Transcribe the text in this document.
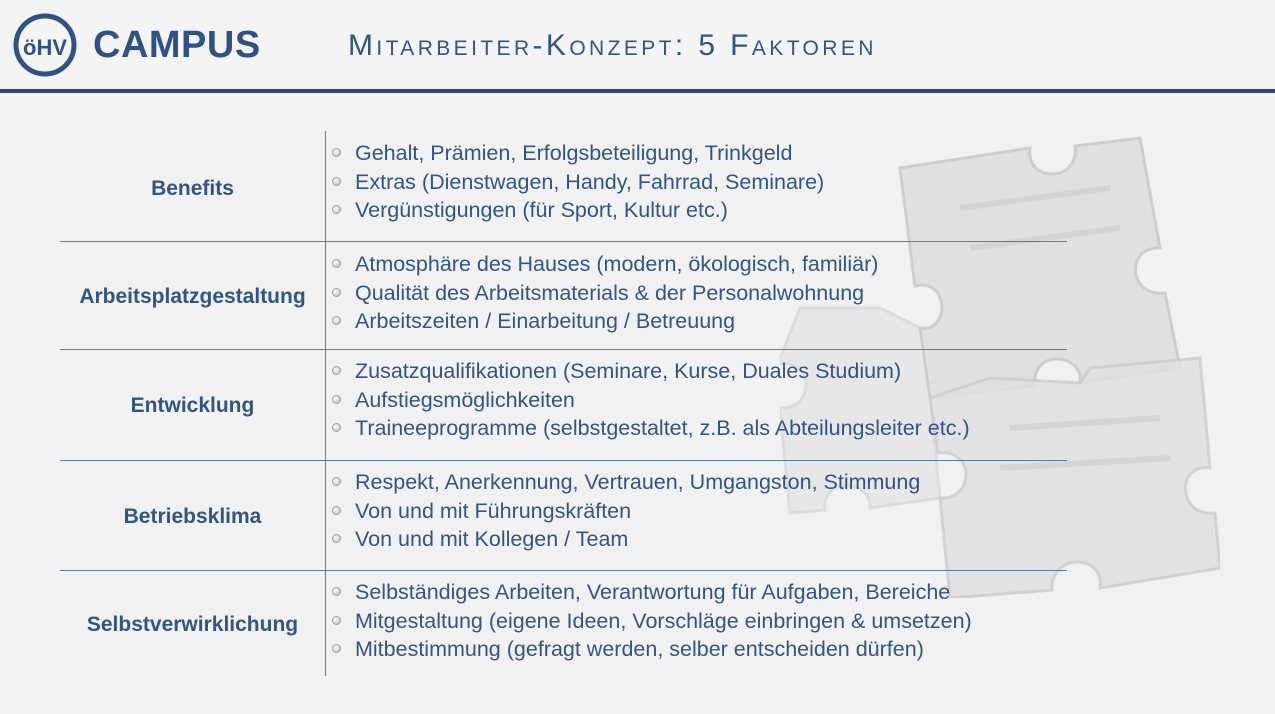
öHV CAMPUS	Mitarbeiter-Konzept: 5 Faktoren
Benefits
Gehalt, Prämien, Erfolgsbeteiligung, Trinkgeld
Extras (Dienstwagen, Handy, Fahrrad, Seminare)
Vergünstigungen (für Sport, Kultur etc.)
Arbeitsplatzgestaltung
Atmosphäre des Hauses (modern, ökologisch, familiär)
Qualität des Arbeitsmaterials & der Personalwohnung
Arbeitszeiten / Einarbeitung / Betreuung
Entwicklung
Zusatzqualifikationen (Seminare, Kurse, Duales Studium)
Aufstiegsmöglichkeiten
Traineeprogramme (selbstgestaltet, z.B. als Abteilungsleiter etc.)
Betriebsklima
Respekt, Anerkennung, Vertrauen, Umgangston, Stimmung
Von und mit Führungskräften
Von und mit Kollegen / Team
Selbstverwirklichung
Selbständiges Arbeiten, Verantwortung für Aufgaben, Bereiche
Mitgestaltung (eigene Ideen, Vorschläge einbringen & umsetzen)
Mitbestimmung (gefragt werden, selber entscheiden dürfen)
